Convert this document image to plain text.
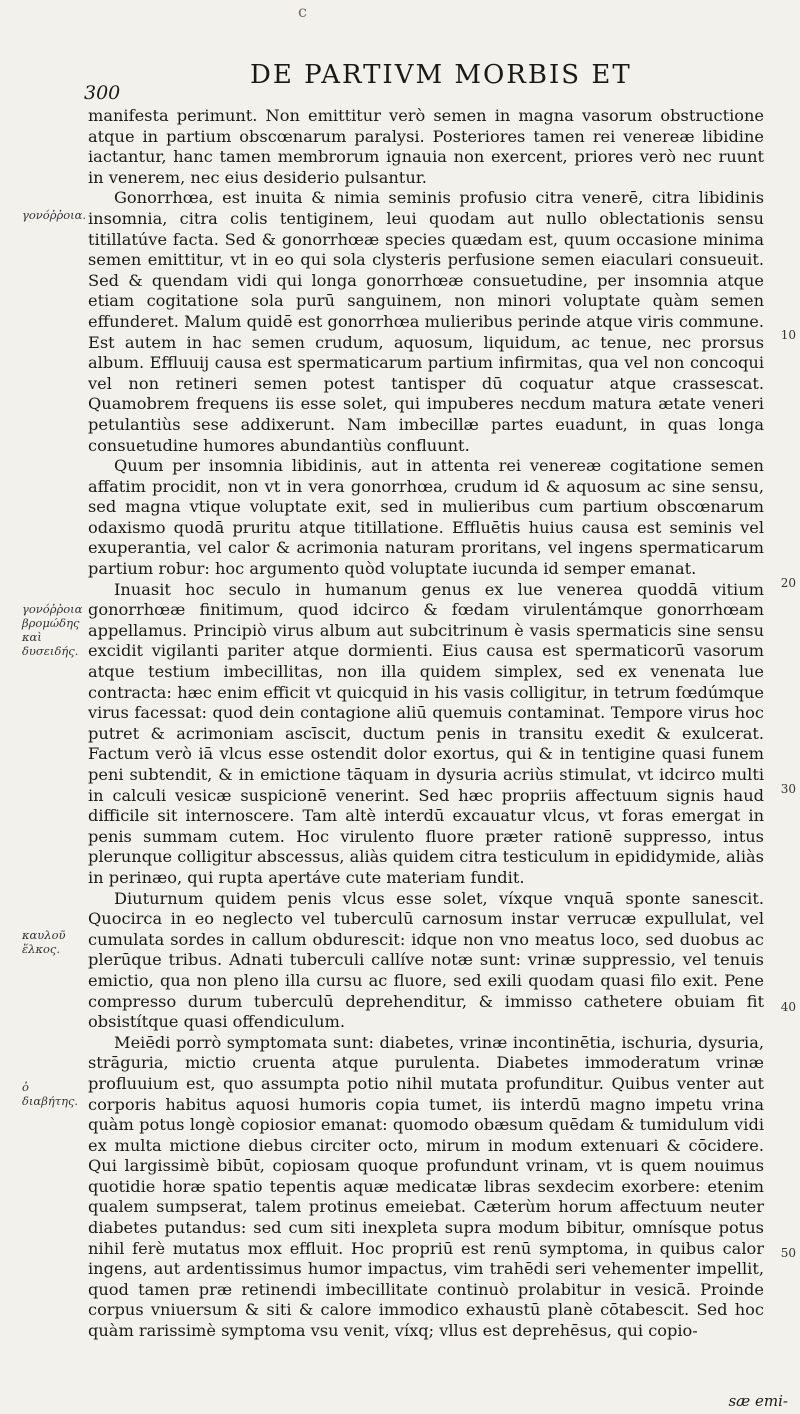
c
300
DE PARTIVM MORBIS ET
γονόῤῥοια.
γονόῤῥοια βρομώδης καὶ δυσειδής.
καυλοῦ ἕλκος.
ὁ διαβήτης.
10
20
30
40
50

manifesta perimunt. Non emittitur verò semen in magna vasorum obstructione atque in partium obscœnarum paralysi. Posteriores tamen rei venereæ libidine iactantur, hanc tamen membrorum ignauia non exercent, priores verò nec ruunt in venerem, nec eius desiderio pulsantur.

Gonorrhœa, est inuita & nimia seminis profusio citra venerē, citra libidinis insomnia, citra colis tentiginem, leui quodam aut nullo oblectationis sensu titillatúve facta. Sed & gonorrhœæ species quædam est, quum occasione minima semen emittitur, vt in eo qui sola clysteris perfusione semen eiaculari consueuit. Sed & quendam vidi qui longa gonorrhœæ consuetudine, per insomnia atque etiam cogitatione sola purū sanguinem, non minori voluptate quàm semen effunderet. Malum quidē est gonorrhœa mulieribus perinde atque viris commune. Est autem in hac semen crudum, aquosum, liquidum, ac tenue, nec prorsus album. Effluuij causa est spermaticarum partium infirmitas, qua vel non concoqui vel non retineri semen potest tantisper dū coquatur atque crassescat. Quamobrem frequens iis esse solet, qui impuberes necdum matura ætate veneri petulantiùs sese addixerunt. Nam imbecillæ partes euadunt, in quas longa consuetudine humores abundantiùs confluunt.

Quum per insomnia libidinis, aut in attenta rei venereæ cogitatione semen affatim procidit, non vt in vera gonorrhœa, crudum id & aquosum ac sine sensu, sed magna vtique voluptate exit, sed in mulieribus cum partium obscœnarum odaxismo quodā pruritu atque titillatione. Effluētis huius causa est seminis vel exuperantia, vel calor & acrimonia naturam proritans, vel ingens spermaticarum partium robur: hoc argumento quòd voluptate iucunda id semper emanat.

Inuasit hoc seculo in humanum genus ex lue venerea quoddā vitium gonorrhœæ finitimum, quod idcirco & fœdam virulentámque gonorrhœam appellamus. Principiò virus album aut subcitrinum è vasis spermaticis sine sensu excidit vigilanti pariter atque dormienti. Eius causa est spermaticorū vasorum atque testium imbecillitas, non illa quidem simplex, sed ex venenata lue contracta: hæc enim efficit vt quicquid in his vasis colligitur, in tetrum fœdúmque virus facessat: quod dein contagione aliū quemuis contaminat. Tempore virus hoc putret & acrimoniam ascīscit, ductum penis in transitu exedit & exulcerat. Factum verò iā vlcus esse ostendit dolor exortus, qui & in tentigine quasi funem peni subtendit, & in emictione tāquam in dysuria acriùs stimulat, vt idcirco multi in calculi vesicæ suspicionē venerint. Sed hæc propriis affectuum signis haud difficile sit internoscere. Tam altè interdū excauatur vlcus, vt foras emergat in penis summam cutem. Hoc virulento fluore præter rationē suppresso, intus plerunque colligitur abscessus, aliàs quidem citra testiculum in epididymide, aliàs in perinæo, qui rupta apertáve cute materiam fundit.

Diuturnum quidem penis vlcus esse solet, víxque vnquā sponte sanescit. Quocirca in eo neglecto vel tuberculū carnosum instar verrucæ expullulat, vel cumulata sordes in callum obdurescit: idque non vno meatus loco, sed duobus ac plerūque tribus. Adnati tuberculi callíve notæ sunt: vrinæ suppressio, vel tenuis emictio, qua non pleno illa cursu ac fluore, sed exili quodam quasi filo exit. Pene compresso durum tuberculū deprehenditur, & immisso cathetere obuiam fit obsistítque quasi offendiculum.

Meiēdi porrò symptomata sunt: diabetes, vrinæ incontinētia, ischuria, dysuria, strāguria, mictio cruenta atque purulenta. Diabetes immoderatum vrinæ profluuium est, quo assumpta potio nihil mutata profunditur. Quibus venter aut corporis habitus aquosi humoris copia tumet, iis interdū magno impetu vrina quàm potus longè copiosior emanat: quomodo obæsum quēdam & tumidulum vidi ex multa mictione diebus circiter octo, mirum in modum extenuari & cōcidere. Qui largissimè bibūt, copiosam quoque profundunt vrinam, vt is quem nouimus quotidie horæ spatio tepentis aquæ medicatæ libras sexdecim exorbere: etenim qualem sumpserat, talem protinus emeiebat. Cæterùm horum affectuum neuter diabetes putandus: sed cum siti inexpleta supra modum bibitur, omnísque potus nihil ferè mutatus mox effluit. Hoc propriū est renū symptoma, in quibus calor ingens, aut ardentissimus humor impactus, vim trahēdi seri vehementer impellit, quod tamen præ retinendi imbecillitate continuò prolabitur in vesicā. Proinde corpus vniuersum & siti & calore immodico exhaustū planè cōtabescit. Sed hoc quàm rarissimè symptoma vsu venit, víxq; vllus est deprehēsus, qui copio-

sæ emi-
